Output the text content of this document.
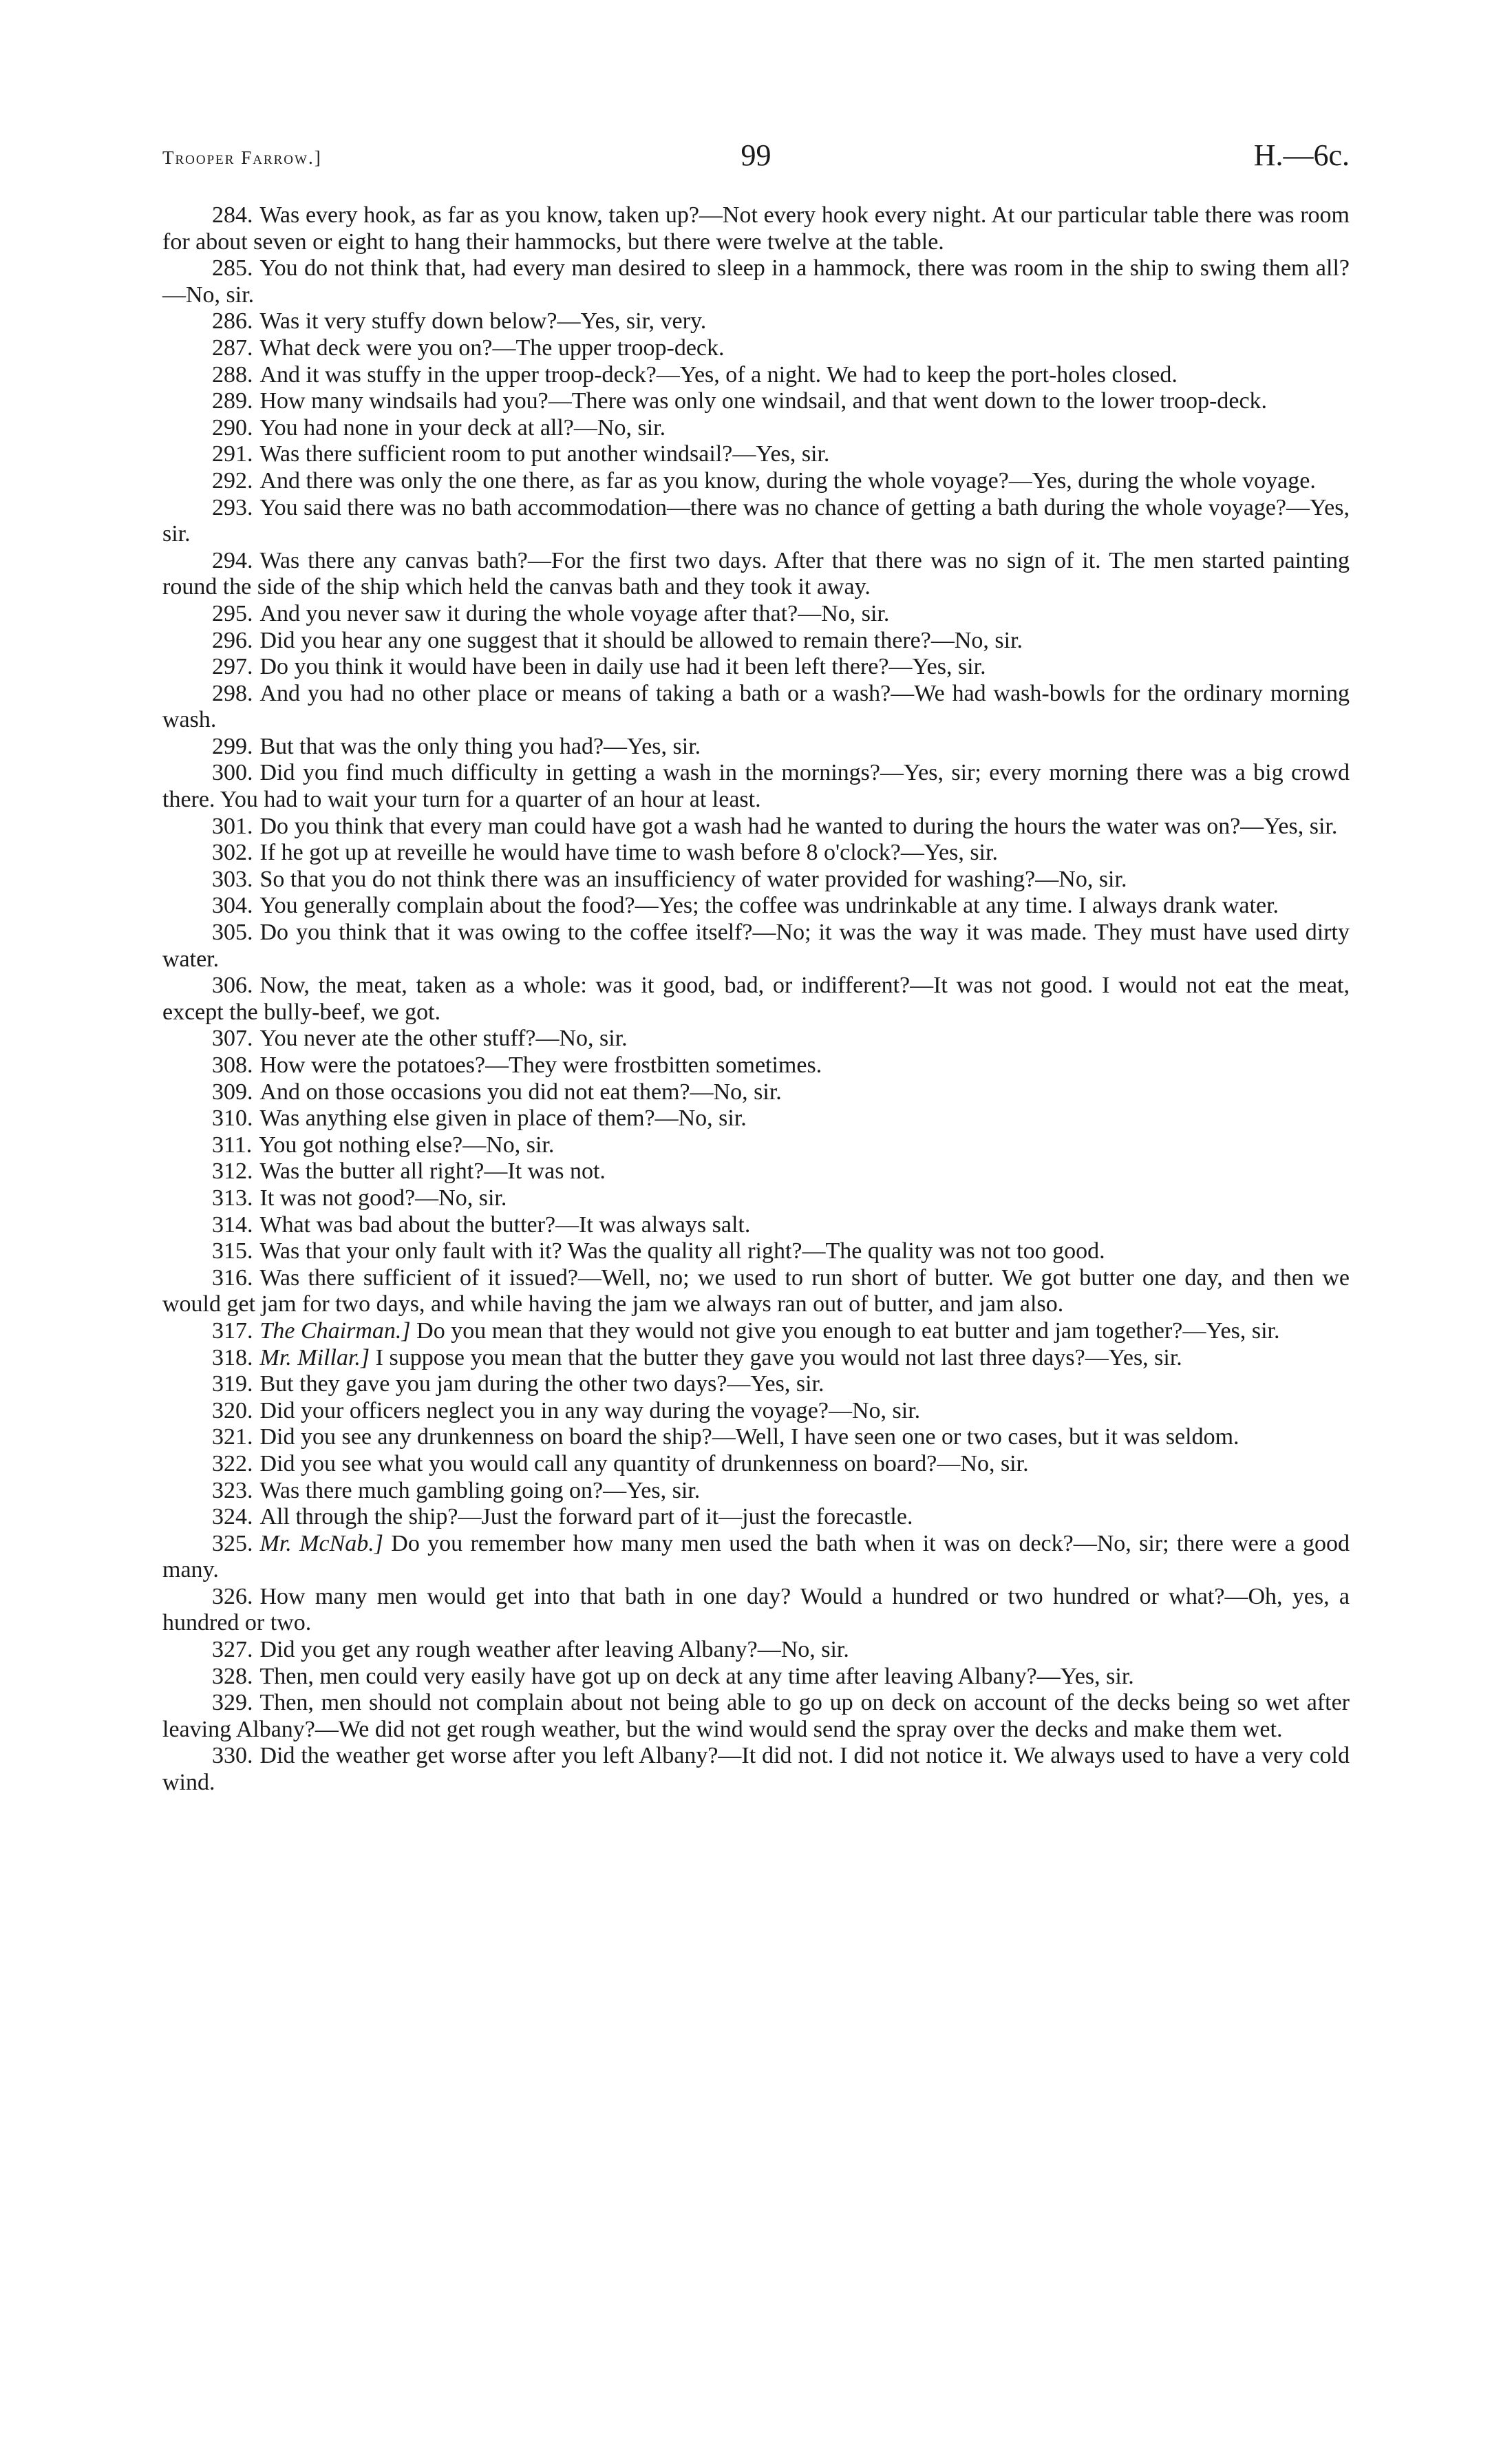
Trooper Farrow.]	99	H.—6c.

284. Was every hook, as far as you know, taken up?—Not every hook every night. At our particular table there was room for about seven or eight to hang their hammocks, but there were twelve at the table.

285. You do not think that, had every man desired to sleep in a hammock, there was room in the ship to swing them all?—No, sir.

286. Was it very stuffy down below?—Yes, sir, very.

287. What deck were you on?—The upper troop-deck.

288. And it was stuffy in the upper troop-deck?—Yes, of a night. We had to keep the port-holes closed.

289. How many windsails had you?—There was only one windsail, and that went down to the lower troop-deck.

290. You had none in your deck at all?—No, sir.

291. Was there sufficient room to put another windsail?—Yes, sir.

292. And there was only the one there, as far as you know, during the whole voyage?—Yes, during the whole voyage.

293. You said there was no bath accommodation—there was no chance of getting a bath during the whole voyage?—Yes, sir.

294. Was there any canvas bath?—For the first two days. After that there was no sign of it. The men started painting round the side of the ship which held the canvas bath and they took it away.

295. And you never saw it during the whole voyage after that?—No, sir.

296. Did you hear any one suggest that it should be allowed to remain there?—No, sir.

297. Do you think it would have been in daily use had it been left there?—Yes, sir.

298. And you had no other place or means of taking a bath or a wash?—We had wash-bowls for the ordinary morning wash.

299. But that was the only thing you had?—Yes, sir.

300. Did you find much difficulty in getting a wash in the mornings?—Yes, sir; every morning there was a big crowd there. You had to wait your turn for a quarter of an hour at least.

301. Do you think that every man could have got a wash had he wanted to during the hours the water was on?—Yes, sir.

302. If he got up at reveille he would have time to wash before 8 o'clock?—Yes, sir.

303. So that you do not think there was an insufficiency of water provided for washing?—No, sir.

304. You generally complain about the food?—Yes; the coffee was undrinkable at any time. I always drank water.

305. Do you think that it was owing to the coffee itself?—No; it was the way it was made. They must have used dirty water.

306. Now, the meat, taken as a whole: was it good, bad, or indifferent?—It was not good. I would not eat the meat, except the bully-beef, we got.

307. You never ate the other stuff?—No, sir.

308. How were the potatoes?—They were frostbitten sometimes.

309. And on those occasions you did not eat them?—No, sir.

310. Was anything else given in place of them?—No, sir.

311. You got nothing else?—No, sir.

312. Was the butter all right?—It was not.

313. It was not good?—No, sir.

314. What was bad about the butter?—It was always salt.

315. Was that your only fault with it? Was the quality all right?—The quality was not too good.

316. Was there sufficient of it issued?—Well, no; we used to run short of butter. We got butter one day, and then we would get jam for two days, and while having the jam we always ran out of butter, and jam also.

317. The Chairman.] Do you mean that they would not give you enough to eat butter and jam together?—Yes, sir.

318. Mr. Millar.] I suppose you mean that the butter they gave you would not last three days?—Yes, sir.

319. But they gave you jam during the other two days?—Yes, sir.

320. Did your officers neglect you in any way during the voyage?—No, sir.

321. Did you see any drunkenness on board the ship?—Well, I have seen one or two cases, but it was seldom.

322. Did you see what you would call any quantity of drunkenness on board?—No, sir.

323. Was there much gambling going on?—Yes, sir.

324. All through the ship?—Just the forward part of it—just the forecastle.

325. Mr. McNab.] Do you remember how many men used the bath when it was on deck?—No, sir; there were a good many.

326. How many men would get into that bath in one day? Would a hundred or two hundred or what?—Oh, yes, a hundred or two.

327. Did you get any rough weather after leaving Albany?—No, sir.

328. Then, men could very easily have got up on deck at any time after leaving Albany?—Yes, sir.

329. Then, men should not complain about not being able to go up on deck on account of the decks being so wet after leaving Albany?—We did not get rough weather, but the wind would send the spray over the decks and make them wet.

330. Did the weather get worse after you left Albany?—It did not. I did not notice it. We always used to have a very cold wind.
